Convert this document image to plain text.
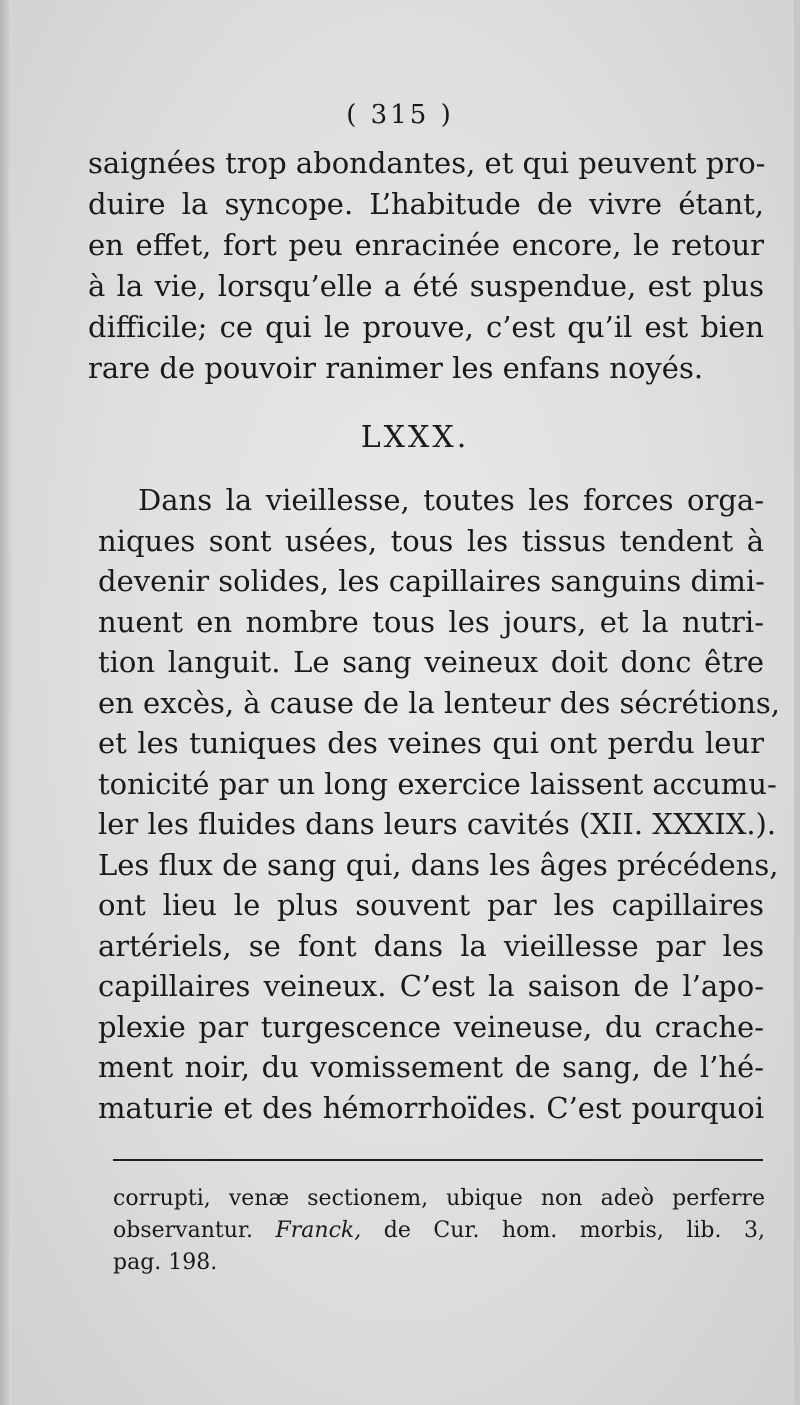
( 315 )
saignées trop abondantes, et qui peuvent pro-
duire la syncope. L’habitude de vivre étant,
en effet, fort peu enracinée encore, le retour
à la vie, lorsqu’elle a été suspendue, est plus
difficile; ce qui le prouve, c’est qu’il est bien
rare de pouvoir ranimer les enfans noyés.
LXXX.
Dans la vieillesse, toutes les forces orga-
niques sont usées, tous les tissus tendent à
devenir solides, les capillaires sanguins dimi-
nuent en nombre tous les jours, et la nutri-
tion languit. Le sang veineux doit donc être
en excès, à cause de la lenteur des sécrétions,
et les tuniques des veines qui ont perdu leur
tonicité par un long exercice laissent accumu-
ler les fluides dans leurs cavités (XII. XXXIX.).
Les flux de sang qui, dans les âges précédens,
ont lieu le plus souvent par les capillaires
artériels, se font dans la vieillesse par les
capillaires veineux. C’est la saison de l’apo-
plexie par turgescence veineuse, du crache-
ment noir, du vomissement de sang, de l’hé-
maturie et des hémorrhoïdes. C’est pourquoi
corrupti, venæ sectionem, ubique non adeò perferre
observantur. Franck, de Cur. hom. morbis, lib. 3,
pag. 198.
